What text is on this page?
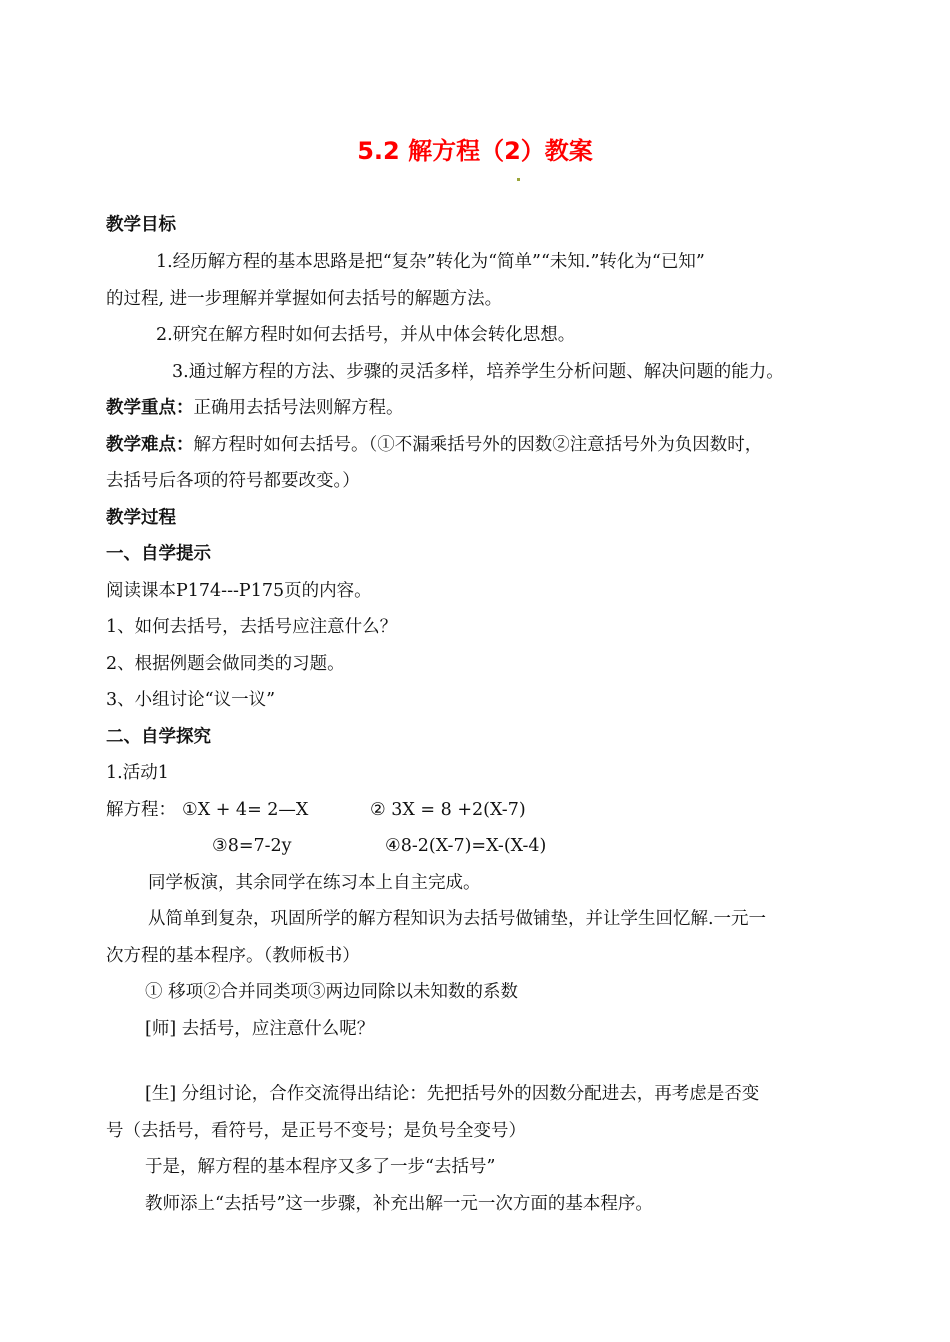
5.2 解方程（2）教案
教学目标
1.经历解方程的基本思路是把“复杂”转化为“简单”“未知.”转化为“已知”
的过程, 进一步理解并掌握如何去括号的解题方法。
2.研究在解方程时如何去括号，并从中体会转化思想。
3.通过解方程的方法、步骤的灵活多样，培养学生分析问题、解决问题的能力。
教学重点：正确用去括号法则解方程。
教学难点：解方程时如何去括号。（①不漏乘括号外的因数②注意括号外为负因数时，
去括号后各项的符号都要改变。）
教学过程
一、自学提示
阅读课本P174---P175页的内容。
1、如何去括号，去括号应注意什么？
2、根据例题会做同类的习题。
3、小组讨论“议一议”
二、自学探究
1.活动1
解方程： ①X + 4= 2—X	② 3X = 8 +2(X-7)
③8=7-2y	④8-2(X-7)=X-(X-4)
同学板演，其余同学在练习本上自主完成。
从简单到复杂，巩固所学的解方程知识为去括号做铺垫，并让学生回忆解.一元一
次方程的基本程序。（教师板书）
① 移项②合并同类项③两边同除以未知数的系数
[师] 去括号，应注意什么呢？
[生] 分组讨论，合作交流得出结论：先把括号外的因数分配进去，再考虑是否变
号（去括号，看符号，是正号不变号；是负号全变号）
于是，解方程的基本程序又多了一步“去括号”
教师添上“去括号”这一步骤，补充出解一元一次方面的基本程序。
